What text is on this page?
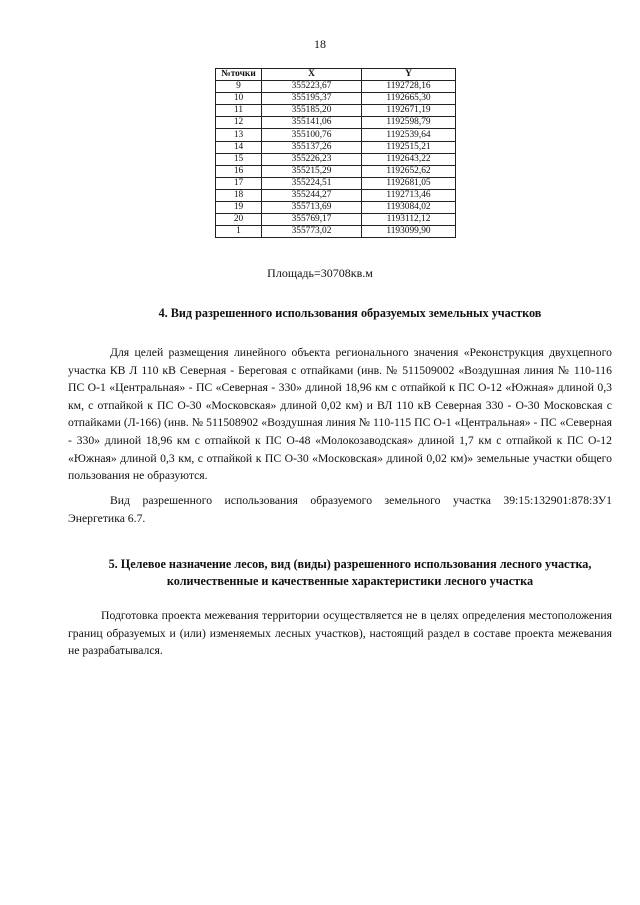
18
№точки	X	Y
9	355223,67	1192728,16
10	355195,37	1192665,30
11	355185,20	1192671,19
12	355141,06	1192598,79
13	355100,76	1192539,64
14	355137,26	1192515,21
15	355226,23	1192643,22
16	355215,29	1192652,62
17	355224,51	1192681,05
18	355244,27	1192713,46
19	355713,69	1193084,02
20	355769,17	1193112,12
1	355773,02	1193099,90
Площадь=30708кв.м
4. Вид разрешенного использования образуемых земельных участков

Для целей размещения линейного объекта регионального значения «Реконструкция двухцепного участка КВ Л 110 кВ Северная - Береговая с отпайками (инв. № 511509002 «Воздушная линия № 110-116 ПС О-1 «Центральная» - ПС «Северная - 330» длиной 18,96 км с отпайкой к ПС О-12 «Южная» длиной 0,3 км, с отпайкой к ПС О-30 «Московская» длиной 0,02 км) и ВЛ 110 кВ Северная 330 - О-30 Московская с отпайками (Л-166) (инв. № 511508902 «Воздушная линия № 110-115 ПС О-1 «Центральная» - ПС «Северная - 330» длиной 18,96 км с отпайкой к ПС О-48 «Молокозаводская» длиной 1,7 км с отпайкой к ПС О-12 «Южная» длиной 0,3 км, с отпайкой к ПС О-30 «Московская» длиной 0,02 км)» земельные участки общего пользования не образуются.

Вид разрешенного использования образуемого земельного участка 39:15:132901:878:ЗУ1 Энергетика 6.7.

5. Целевое назначение лесов, вид (виды) разрешенного использования лесного участка, количественные и качественные характеристики лесного участка

Подготовка проекта межевания территории осуществляется не в целях определения местоположения границ образуемых и (или) изменяемых лесных участков), настоящий раздел в составе проекта межевания не разрабатывался.
